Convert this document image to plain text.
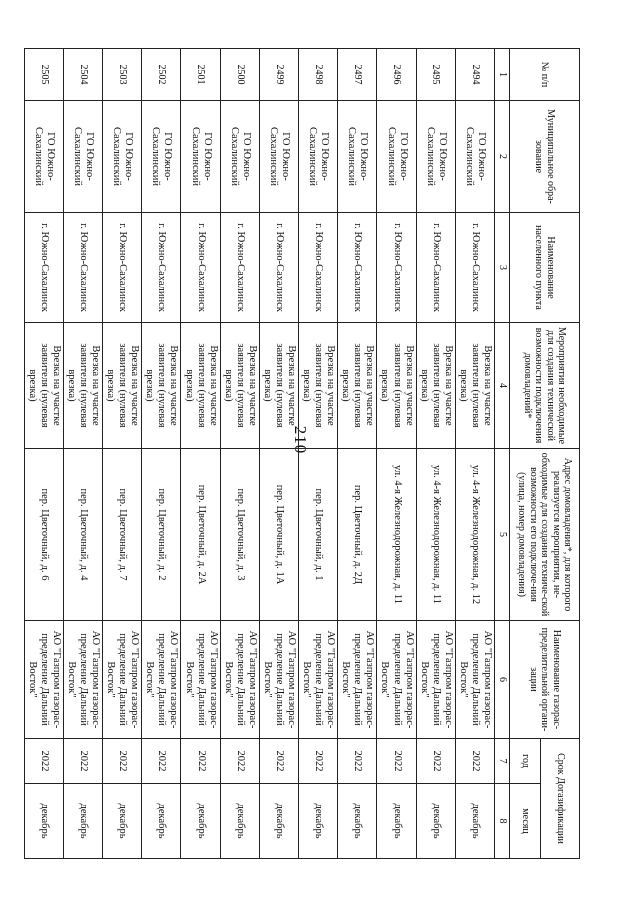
210
№ п/п	Муниципальное обра-зование	Наименование населенного пункта	Мероприятия необходимые для создания технической возможности подключения домовладений*	Адрес домовладения*, для которого реализуется мероприятия, не-обходимые для создания техниче-ской возможности его подключе-ния (улица, номер домовладения)	Наименование газорас-пределительной органи-зации	Срок Догазификации	
						год	месяц
1	2	3	4	5	6	7	8
2494	ГО Южно-Сахалинский	г. Южно-Сахалинск	Врезка на участке заявителя (нулевая врезка)	ул. 4-я Железнодорожная, д. 12	АО "Газпром газорас-пределение Дальний Восток"	2022	декабрь
2495	ГО Южно-Сахалинский	г. Южно-Сахалинск	Врезка на участке заявителя (нулевая врезка)	ул. 4-я Железнодорожная, д. 11	АО "Газпром газорас-пределение Дальний Восток"	2022	декабрь
2496	ГО Южно-Сахалинский	г. Южно-Сахалинск	Врезка на участке заявителя (нулевая врезка)	ул. 4-я Железнодорожная, д. 11	АО "Газпром газорас-пределение Дальний Восток"	2022	декабрь
2497	ГО Южно-Сахалинский	г. Южно-Сахалинск	Врезка на участке заявителя (нулевая врезка)	пер. Цветочный, д. 2Д	АО "Газпром газорас-пределение Дальний Восток"	2022	декабрь
2498	ГО Южно-Сахалинский	г. Южно-Сахалинск	Врезка на участке заявителя (нулевая врезка)	пер. Цветочный, д. 1	АО "Газпром газорас-пределение Дальний Восток"	2022	декабрь
2499	ГО Южно-Сахалинский	г. Южно-Сахалинск	Врезка на участке заявителя (нулевая врезка)	пер. Цветочный, д. 1А	АО "Газпром газорас-пределение Дальний Восток"	2022	декабрь
2500	ГО Южно-Сахалинский	г. Южно-Сахалинск	Врезка на участке заявителя (нулевая врезка)	пер. Цветочный, д. 3	АО "Газпром газорас-пределение Дальний Восток"	2022	декабрь
2501	ГО Южно-Сахалинский	г. Южно-Сахалинск	Врезка на участке заявителя (нулевая врезка)	пер. Цветочный, д. 2А	АО "Газпром газорас-пределение Дальний Восток"	2022	декабрь
2502	ГО Южно-Сахалинский	г. Южно-Сахалинск	Врезка на участке заявителя (нулевая врезка)	пер. Цветочный, д. 2	АО "Газпром газорас-пределение Дальний Восток"	2022	декабрь
2503	ГО Южно-Сахалинский	г. Южно-Сахалинск	Врезка на участке заявителя (нулевая врезка)	пер. Цветочный, д. 7	АО "Газпром газорас-пределение Дальний Восток"	2022	декабрь
2504	ГО Южно-Сахалинский	г. Южно-Сахалинск	Врезка на участке заявителя (нулевая врезка)	пер. Цветочный, д. 4	АО "Газпром газорас-пределение Дальний Восток"	2022	декабрь
2505	ГО Южно-Сахалинский	г. Южно-Сахалинск	Врезка на участке заявителя (нулевая врезка)	пер. Цветочный, д. 6	АО "Газпром газорас-пределение Дальний Восток"	2022	декабрь
